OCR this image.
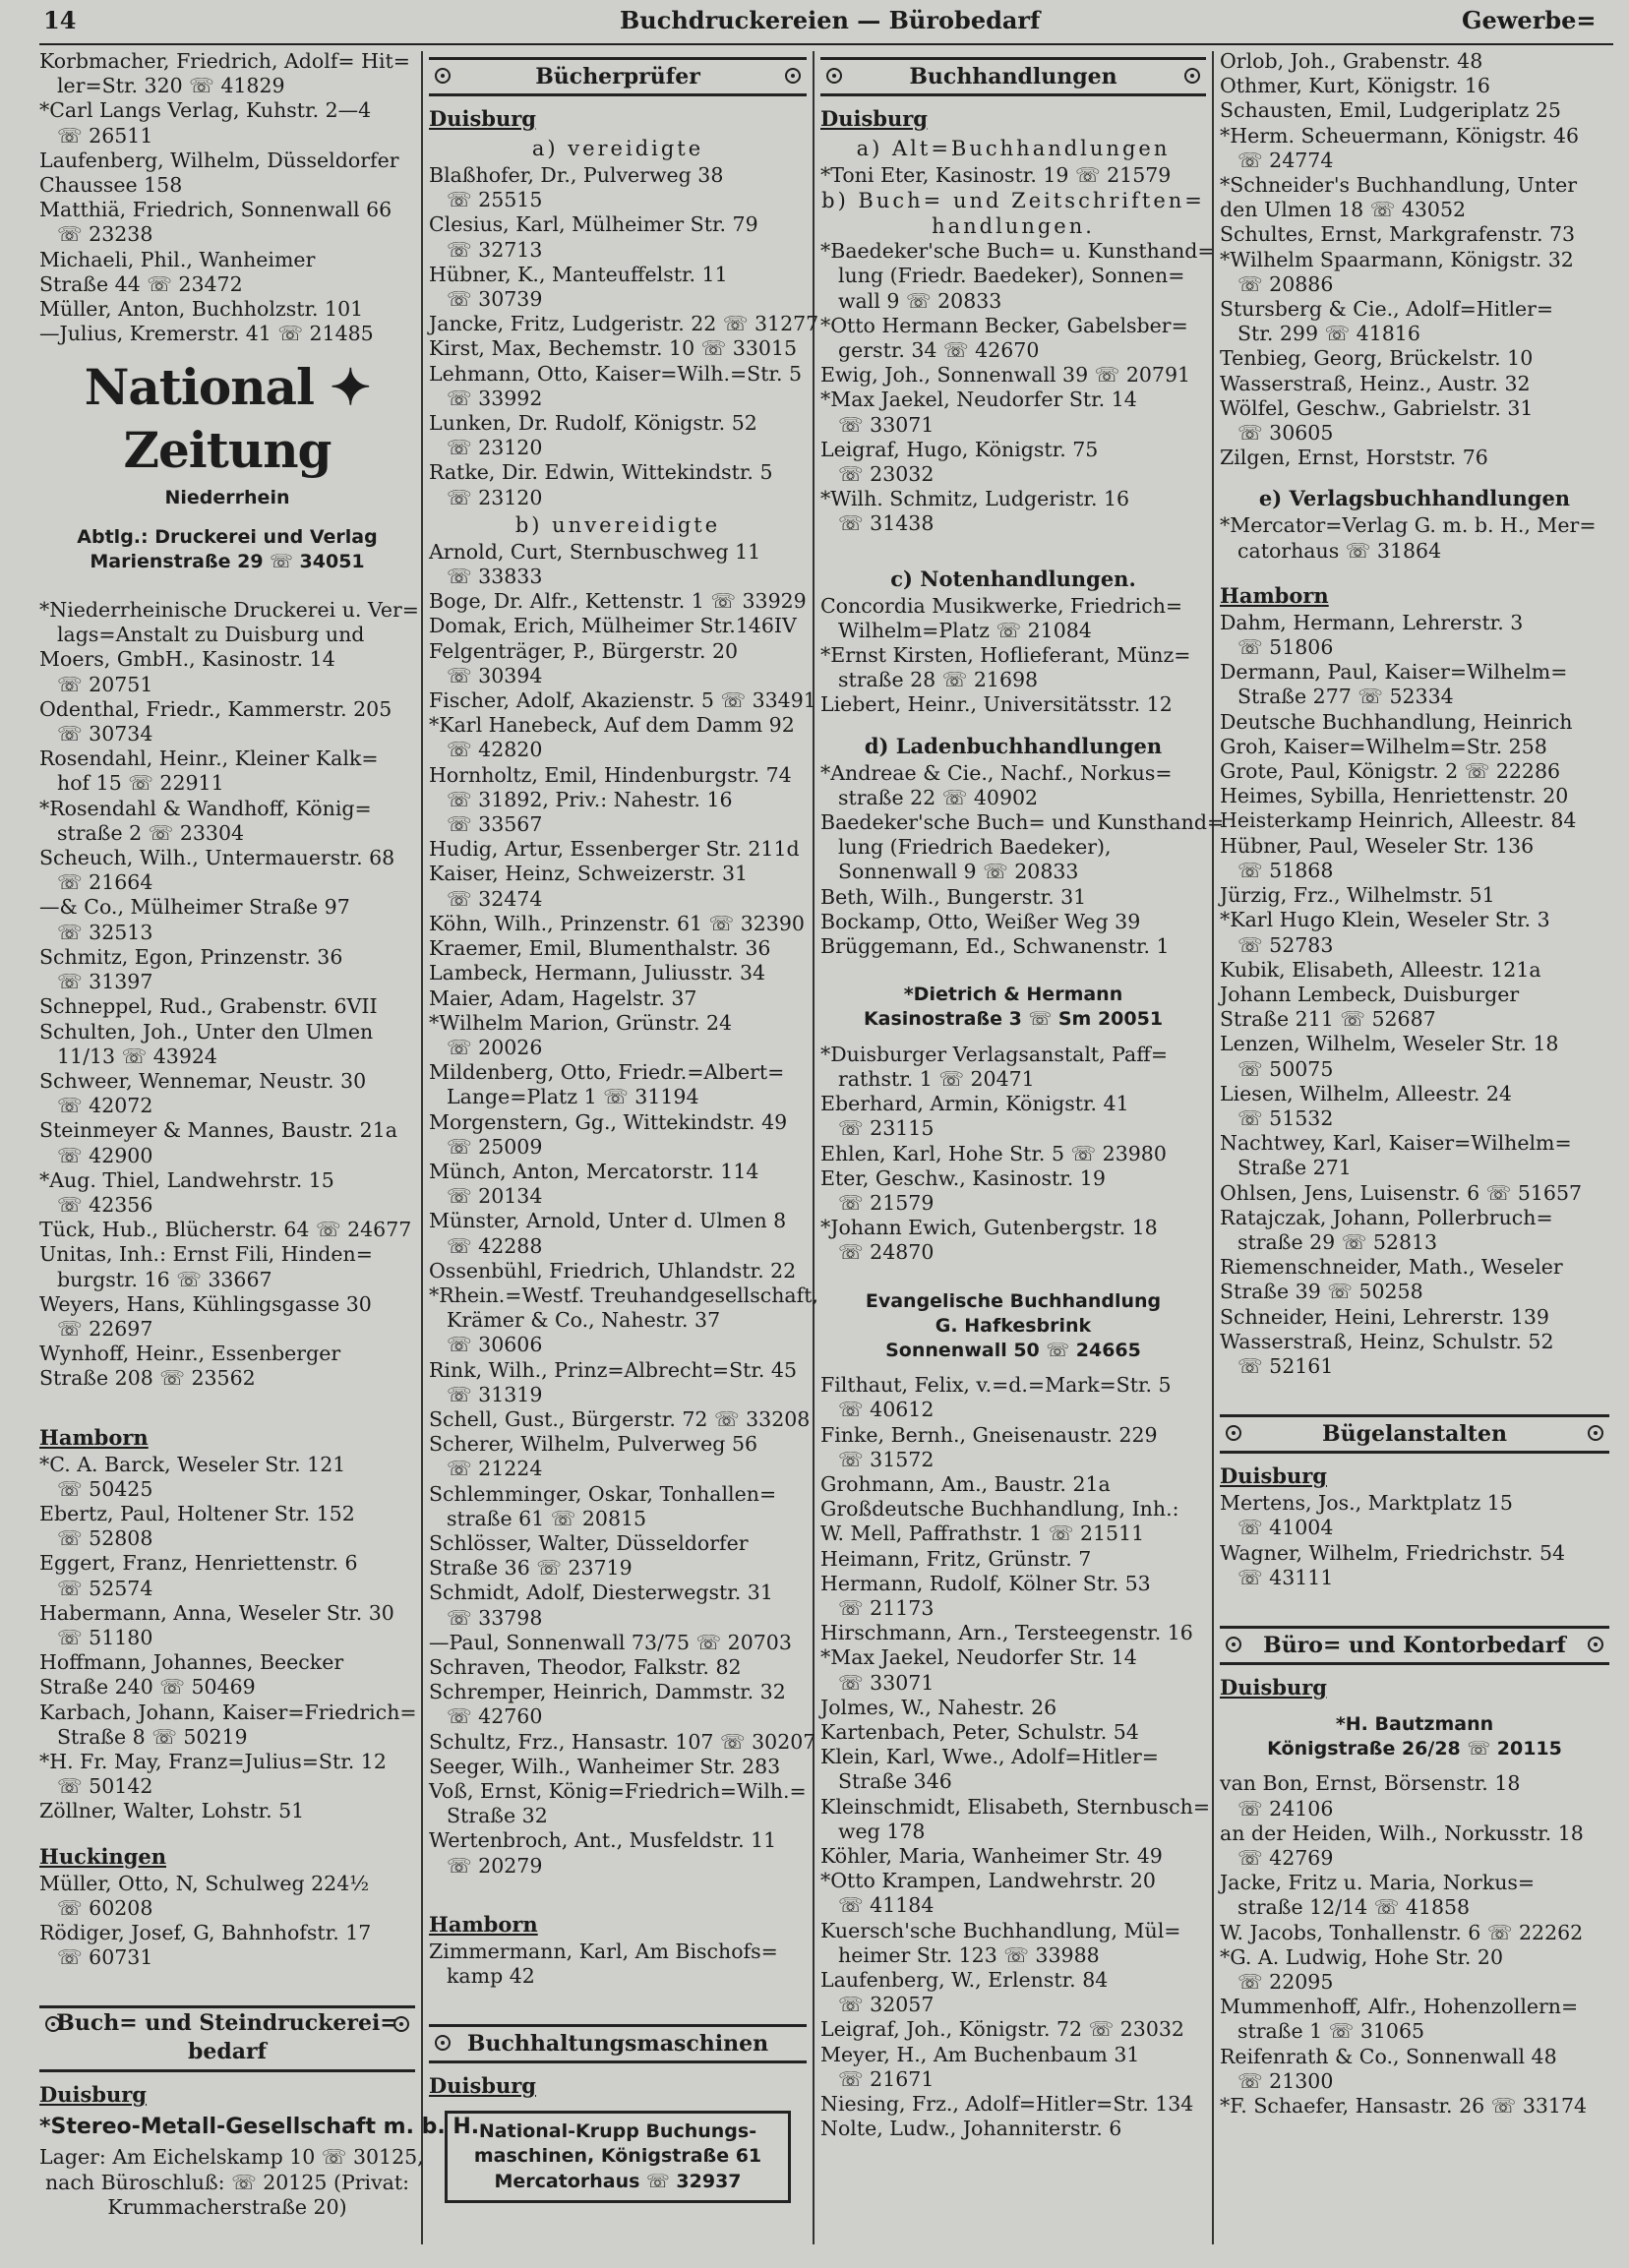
14	Buchdruckereien — Bürobedarf	Gewerbe=
Korbmacher, Friedrich, Adolf= Hit=
ler=Str. 320 ☏ 41829
*Carl Langs Verlag, Kuhstr. 2—4
☏ 26511
Laufenberg, Wilhelm, Düsseldorfer
Chaussee 158
Matthiä, Friedrich, Sonnenwall 66
☏ 23238
Michaeli, Phil., Wanheimer
Straße 44 ☏ 23472
Müller, Anton, Buchholzstr. 101
—Julius, Kremerstr. 41 ☏ 21485
National ✦ Zeitung
Niederrhein
Abtlg.: Druckerei und Verlag
Marienstraße 29 ☏ 34051
*Niederrheinische Druckerei u. Ver=
lags=Anstalt zu Duisburg und
Moers, GmbH., Kasinostr. 14
☏ 20751
Odenthal, Friedr., Kammerstr. 205
☏ 30734
Rosendahl, Heinr., Kleiner Kalk=
hof 15 ☏ 22911
*Rosendahl & Wandhoff, König=
straße 2 ☏ 23304
Scheuch, Wilh., Untermauerstr. 68
☏ 21664
—& Co., Mülheimer Straße 97
☏ 32513
Schmitz, Egon, Prinzenstr. 36
☏ 31397
Schneppel, Rud., Grabenstr. 6VII
Schulten, Joh., Unter den Ulmen
11/13 ☏ 43924
Schweer, Wennemar, Neustr. 30
☏ 42072
Steinmeyer & Mannes, Baustr. 21a
☏ 42900
*Aug. Thiel, Landwehrstr. 15
☏ 42356
Tück, Hub., Blücherstr. 64 ☏ 24677
Unitas, Inh.: Ernst Fili, Hinden=
burgstr. 16 ☏ 33667
Weyers, Hans, Kühlingsgasse 30
☏ 22697
Wynhoff, Heinr., Essenberger
Straße 208 ☏ 23562
Hamborn
*C. A. Barck, Weseler Str. 121
☏ 50425
Ebertz, Paul, Holtener Str. 152
☏ 52808
Eggert, Franz, Henriettenstr. 6
☏ 52574
Habermann, Anna, Weseler Str. 30
☏ 51180
Hoffmann, Johannes, Beecker
Straße 240 ☏ 50469
Karbach, Johann, Kaiser=Friedrich=
Straße 8 ☏ 50219
*H. Fr. May, Franz=Julius=Str. 12
☏ 50142
Zöllner, Walter, Lohstr. 51
Huckingen
Müller, Otto, N, Schulweg 224½
☏ 60208
Rödiger, Josef, G, Bahnhofstr. 17
☏ 60731
Buch= und Steindruckerei=
bedarf
Duisburg
*Stereo-Metall-Gesellschaft m. b. H.
Lager: Am Eichelskamp 10 ☏ 30125,
nach Büroschluß: ☏ 20125 (Privat:
Krummacherstraße 20)
Bücherprüfer
Duisburg
a) vereidigte
Blaßhofer, Dr., Pulverweg 38
☏ 25515
Clesius, Karl, Mülheimer Str. 79
☏ 32713
Hübner, K., Manteuffelstr. 11
☏ 30739
Jancke, Fritz, Ludgeristr. 22 ☏ 31277
Kirst, Max, Bechemstr. 10 ☏ 33015
Lehmann, Otto, Kaiser=Wilh.=Str. 5
☏ 33992
Lunken, Dr. Rudolf, Königstr. 52
☏ 23120
Ratke, Dir. Edwin, Wittekindstr. 5
☏ 23120
b) unvereidigte
Arnold, Curt, Sternbuschweg 11
☏ 33833
Boge, Dr. Alfr., Kettenstr. 1 ☏ 33929
Domak, Erich, Mülheimer Str.146IV
Felgenträger, P., Bürgerstr. 20
☏ 30394
Fischer, Adolf, Akazienstr. 5 ☏ 33491
*Karl Hanebeck, Auf dem Damm 92
☏ 42820
Hornholtz, Emil, Hindenburgstr. 74
☏ 31892, Priv.: Nahestr. 16
☏ 33567
Hudig, Artur, Essenberger Str. 211d
Kaiser, Heinz, Schweizerstr. 31
☏ 32474
Köhn, Wilh., Prinzenstr. 61 ☏ 32390
Kraemer, Emil, Blumenthalstr. 36
Lambeck, Hermann, Juliusstr. 34
Maier, Adam, Hagelstr. 37
*Wilhelm Marion, Grünstr. 24
☏ 20026
Mildenberg, Otto, Friedr.=Albert=
Lange=Platz 1 ☏ 31194
Morgenstern, Gg., Wittekindstr. 49
☏ 25009
Münch, Anton, Mercatorstr. 114
☏ 20134
Münster, Arnold, Unter d. Ulmen 8
☏ 42288
Ossenbühl, Friedrich, Uhlandstr. 22
*Rhein.=Westf. Treuhandgesellschaft,
Krämer & Co., Nahestr. 37
☏ 30606
Rink, Wilh., Prinz=Albrecht=Str. 45
☏ 31319
Schell, Gust., Bürgerstr. 72 ☏ 33208
Scherer, Wilhelm, Pulverweg 56
☏ 21224
Schlemminger, Oskar, Tonhallen=
straße 61 ☏ 20815
Schlösser, Walter, Düsseldorfer
Straße 36 ☏ 23719
Schmidt, Adolf, Diesterwegstr. 31
☏ 33798
—Paul, Sonnenwall 73/75 ☏ 20703
Schraven, Theodor, Falkstr. 82
Schremper, Heinrich, Dammstr. 32
☏ 42760
Schultz, Frz., Hansastr. 107 ☏ 30207
Seeger, Wilh., Wanheimer Str. 283
Voß, Ernst, König=Friedrich=Wilh.=
Straße 32
Wertenbroch, Ant., Musfeldstr. 11
☏ 20279
Hamborn
Zimmermann, Karl, Am Bischofs=
kamp 42
Buchhaltungsmaschinen
Duisburg
National-Krupp Buchungs-
maschinen, Königstraße 61
Mercatorhaus ☏ 32937
Buchhandlungen
Duisburg
a) Alt=Buchhandlungen
*Toni Eter, Kasinostr. 19 ☏ 21579
b) Buch= und Zeitschriften=
handlungen.
*Baedeker'sche Buch= u. Kunsthand=
lung (Friedr. Baedeker), Sonnen=
wall 9 ☏ 20833
*Otto Hermann Becker, Gabelsber=
gerstr. 34 ☏ 42670
Ewig, Joh., Sonnenwall 39 ☏ 20791
*Max Jaekel, Neudorfer Str. 14
☏ 33071
Leigraf, Hugo, Königstr. 75
☏ 23032
*Wilh. Schmitz, Ludgeristr. 16
☏ 31438
c) Notenhandlungen.
Concordia Musikwerke, Friedrich=
Wilhelm=Platz ☏ 21084
*Ernst Kirsten, Hoflieferant, Münz=
straße 28 ☏ 21698
Liebert, Heinr., Universitätsstr. 12
d) Ladenbuchhandlungen
*Andreae & Cie., Nachf., Norkus=
straße 22 ☏ 40902
Baedeker'sche Buch= und Kunsthand=
lung (Friedrich Baedeker),
Sonnenwall 9 ☏ 20833
Beth, Wilh., Bungerstr. 31
Bockamp, Otto, Weißer Weg 39
Brüggemann, Ed., Schwanenstr. 1
*Dietrich & Hermann
Kasinostraße 3 ☏ Sm 20051
*Duisburger Verlagsanstalt, Paff=
rathstr. 1 ☏ 20471
Eberhard, Armin, Königstr. 41
☏ 23115
Ehlen, Karl, Hohe Str. 5 ☏ 23980
Eter, Geschw., Kasinostr. 19
☏ 21579
*Johann Ewich, Gutenbergstr. 18
☏ 24870
Evangelische Buchhandlung
G. Hafkesbrink
Sonnenwall 50 ☏ 24665
Filthaut, Felix, v.=d.=Mark=Str. 5
☏ 40612
Finke, Bernh., Gneisenaustr. 229
☏ 31572
Grohmann, Am., Baustr. 21a
Großdeutsche Buchhandlung, Inh.:
W. Mell, Paffrathstr. 1 ☏ 21511
Heimann, Fritz, Grünstr. 7
Hermann, Rudolf, Kölner Str. 53
☏ 21173
Hirschmann, Arn., Tersteegenstr. 16
*Max Jaekel, Neudorfer Str. 14
☏ 33071
Jolmes, W., Nahestr. 26
Kartenbach, Peter, Schulstr. 54
Klein, Karl, Wwe., Adolf=Hitler=
Straße 346
Kleinschmidt, Elisabeth, Sternbusch=
weg 178
Köhler, Maria, Wanheimer Str. 49
*Otto Krampen, Landwehrstr. 20
☏ 41184
Kuersch'sche Buchhandlung, Mül=
heimer Str. 123 ☏ 33988
Laufenberg, W., Erlenstr. 84
☏ 32057
Leigraf, Joh., Königstr. 72 ☏ 23032
Meyer, H., Am Buchenbaum 31
☏ 21671
Niesing, Frz., Adolf=Hitler=Str. 134
Nolte, Ludw., Johanniterstr. 6
Orlob, Joh., Grabenstr. 48
Othmer, Kurt, Königstr. 16
Schausten, Emil, Ludgeriplatz 25
*Herm. Scheuermann, Königstr. 46
☏ 24774
*Schneider's Buchhandlung, Unter
den Ulmen 18 ☏ 43052
Schultes, Ernst, Markgrafenstr. 73
*Wilhelm Spaarmann, Königstr. 32
☏ 20886
Stursberg & Cie., Adolf=Hitler=
Str. 299 ☏ 41816
Tenbieg, Georg, Brückelstr. 10
Wasserstraß, Heinz., Austr. 32
Wölfel, Geschw., Gabrielstr. 31
☏ 30605
Zilgen, Ernst, Horststr. 76
e) Verlagsbuchhandlungen
*Mercator=Verlag G. m. b. H., Mer=
catorhaus ☏ 31864
Hamborn
Dahm, Hermann, Lehrerstr. 3
☏ 51806
Dermann, Paul, Kaiser=Wilhelm=
Straße 277 ☏ 52334
Deutsche Buchhandlung, Heinrich
Groh, Kaiser=Wilhelm=Str. 258
Grote, Paul, Königstr. 2 ☏ 22286
Heimes, Sybilla, Henriettenstr. 20
Heisterkamp Heinrich, Alleestr. 84
Hübner, Paul, Weseler Str. 136
☏ 51868
Jürzig, Frz., Wilhelmstr. 51
*Karl Hugo Klein, Weseler Str. 3
☏ 52783
Kubik, Elisabeth, Alleestr. 121a
Johann Lembeck, Duisburger
Straße 211 ☏ 52687
Lenzen, Wilhelm, Weseler Str. 18
☏ 50075
Liesen, Wilhelm, Alleestr. 24
☏ 51532
Nachtwey, Karl, Kaiser=Wilhelm=
Straße 271
Ohlsen, Jens, Luisenstr. 6 ☏ 51657
Ratajczak, Johann, Pollerbruch=
straße 29 ☏ 52813
Riemenschneider, Math., Weseler
Straße 39 ☏ 50258
Schneider, Heini, Lehrerstr. 139
Wasserstraß, Heinz, Schulstr. 52
☏ 52161
Bügelanstalten
Duisburg
Mertens, Jos., Marktplatz 15
☏ 41004
Wagner, Wilhelm, Friedrichstr. 54
☏ 43111
Büro= und Kontorbedarf
Duisburg
*H. Bautzmann
Königstraße 26/28 ☏ 20115
van Bon, Ernst, Börsenstr. 18
☏ 24106
an der Heiden, Wilh., Norkusstr. 18
☏ 42769
Jacke, Fritz u. Maria, Norkus=
straße 12/14 ☏ 41858
W. Jacobs, Tonhallenstr. 6 ☏ 22262
*G. A. Ludwig, Hohe Str. 20
☏ 22095
Mummenhoff, Alfr., Hohenzollern=
straße 1 ☏ 31065
Reifenrath & Co., Sonnenwall 48
☏ 21300
*F. Schaefer, Hansastr. 26 ☏ 33174
